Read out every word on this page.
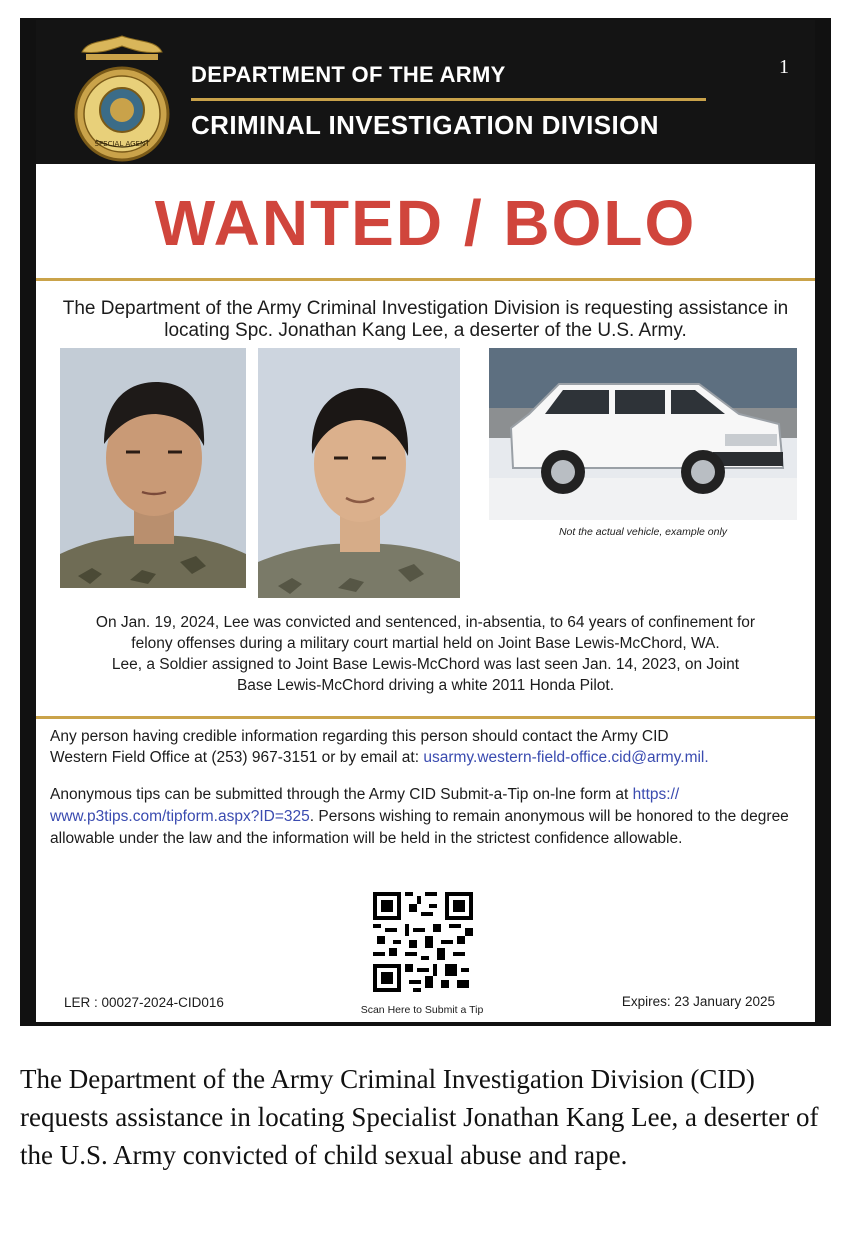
SPECIAL AGENT
DEPARTMENT OF THE ARMY
CRIMINAL INVESTIGATION DIVISION
1
WANTED / BOLO
The Department of the Army Criminal Investigation Division is requesting assistance in locating Spc. Jonathan Kang Lee, a deserter of the U.S. Army.
Not the actual vehicle, example only
On Jan. 19, 2024, Lee was convicted and sentenced, in-absentia, to 64 years of confinement for
felony offenses during a military court martial held on Joint Base Lewis-McChord, WA.
Lee, a Soldier assigned to Joint Base Lewis-McChord was last seen Jan. 14, 2023, on Joint
Base Lewis-McChord driving a white 2011 Honda Pilot.
Any person having credible information regarding this person should contact the Army CID
Western Field Office at (253) 967-3151 or by email at: usarmy.western-field-office.cid@army.mil.
Anonymous tips can be submitted through the Army CID Submit-a-Tip on-lne form at https://
www.p3tips.com/tipform.aspx?ID=325. Persons wishing to remain anonymous will be honored to the degree allowable under the law and the information will be held in the strictest confidence allowable.
LER : 00027-2024-CID016	Scan Here to Submit a Tip
Expires: 23 January 2025
The Department of the Army Criminal Investigation Division (CID) requests assistance in locating Specialist Jonathan Kang Lee, a deserter of the U.S. Army convicted of child sexual abuse and rape.
